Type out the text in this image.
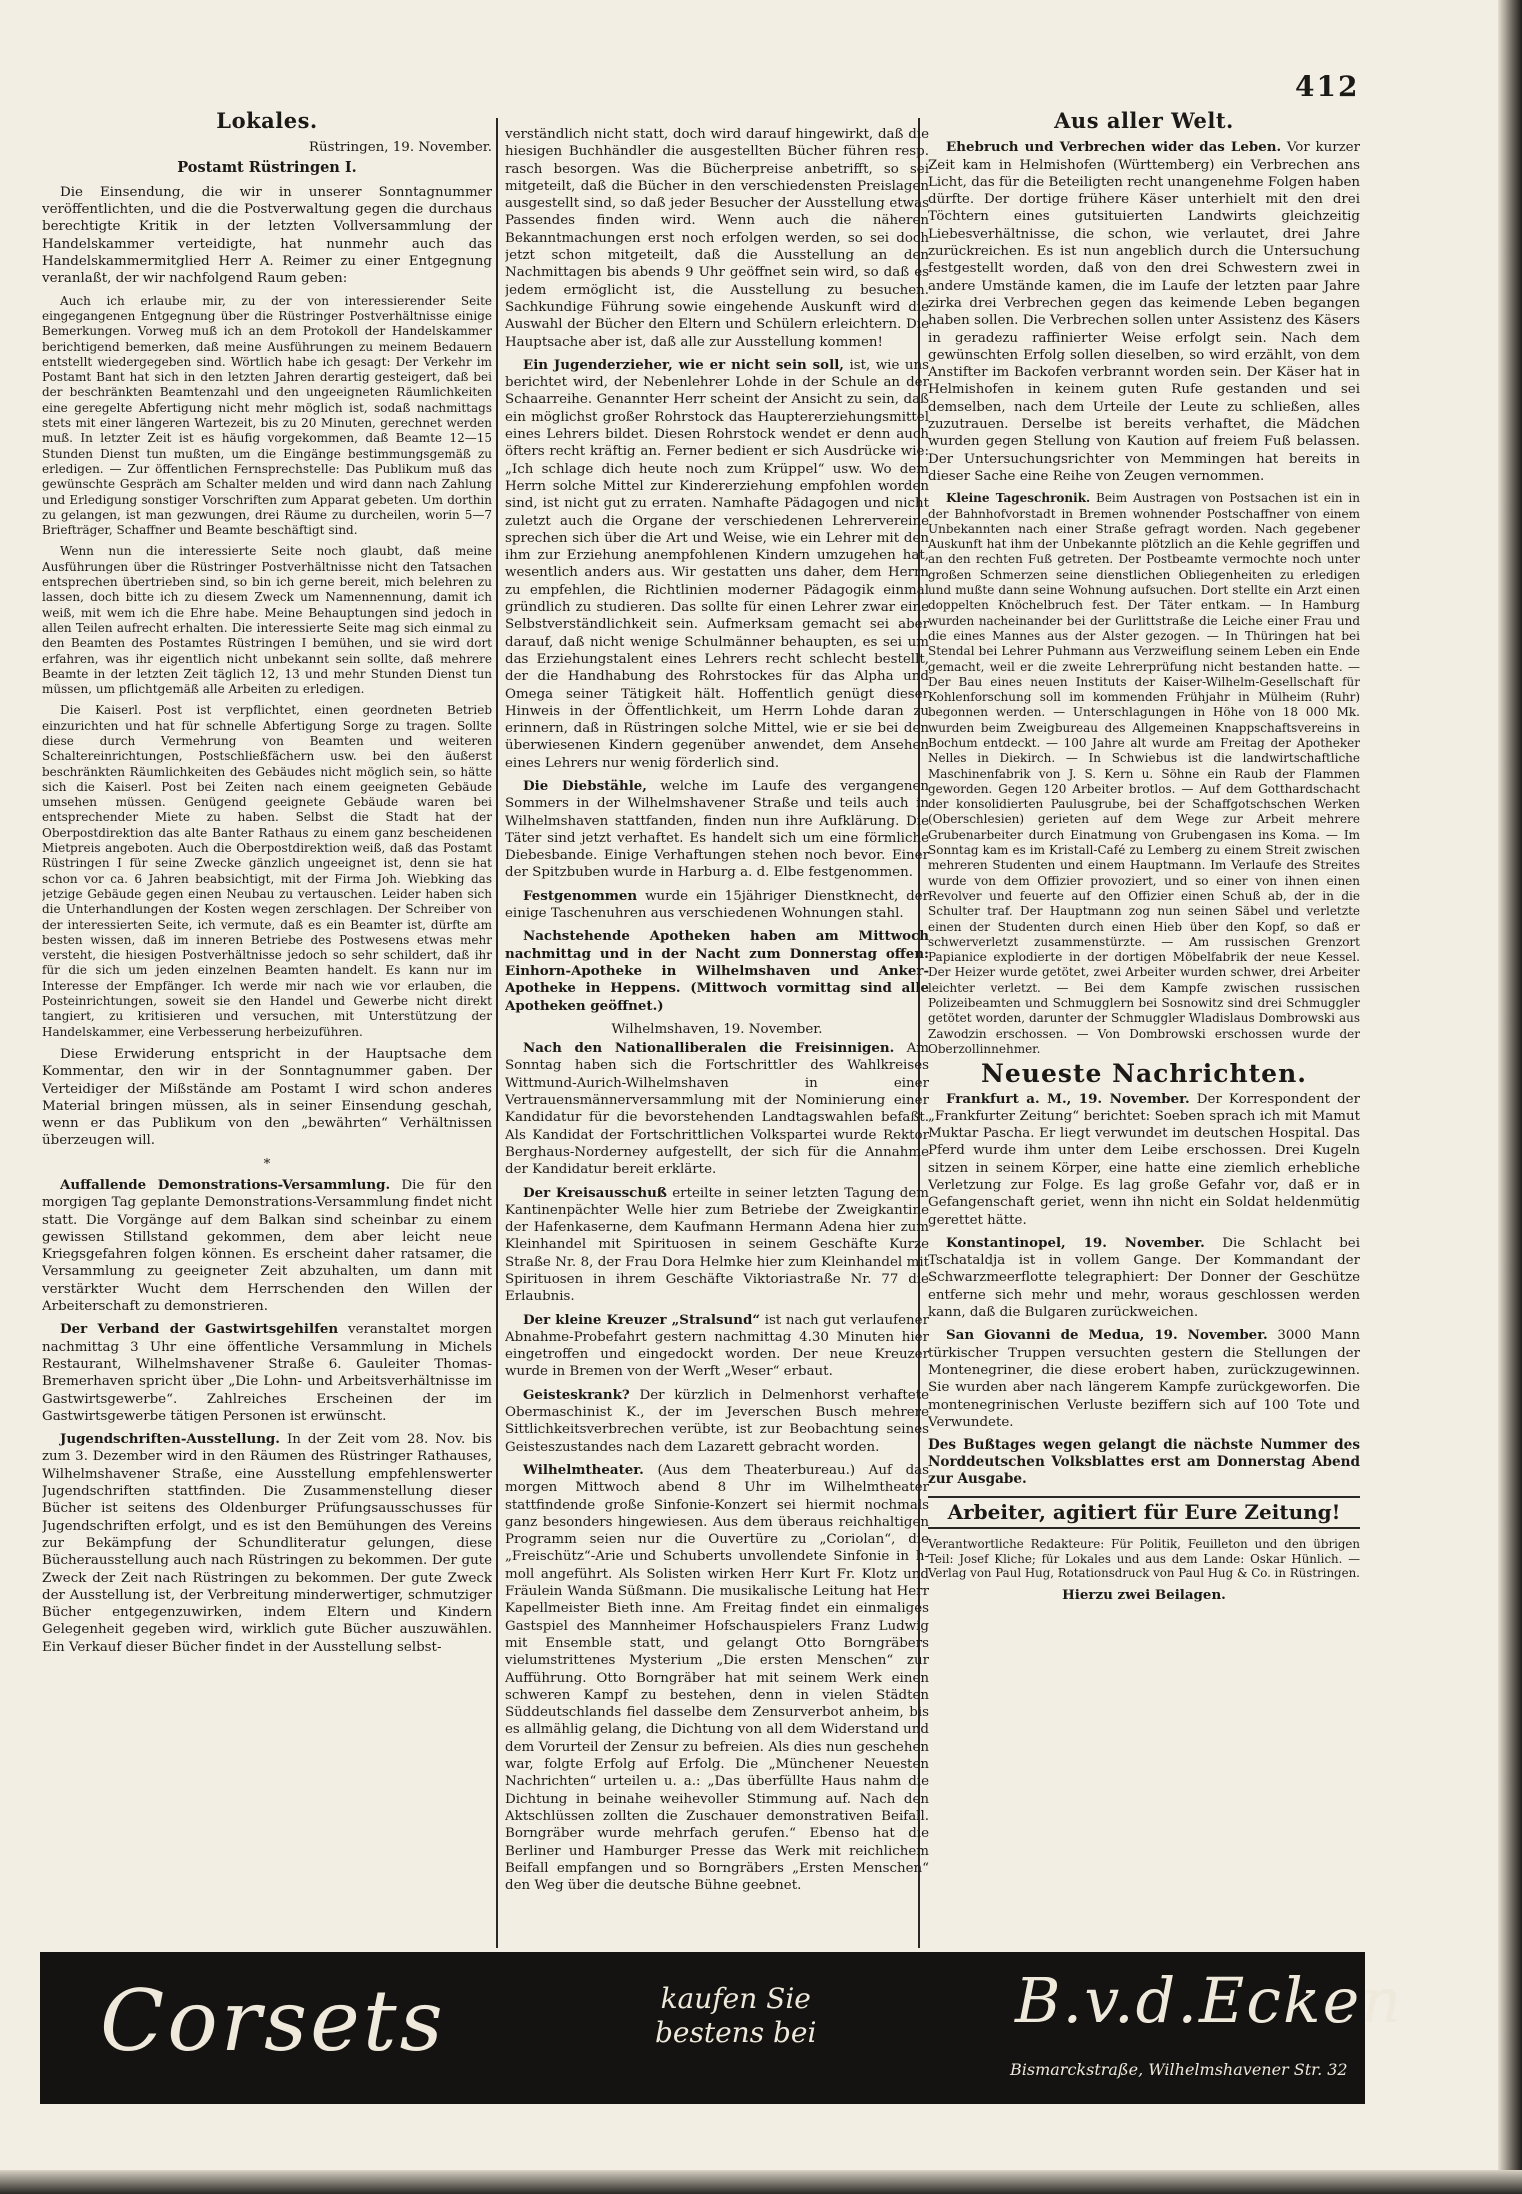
412
Lokales.
Rüstringen, 19. November.
Postamt Rüstringen I.

Die Einsendung, die wir in unserer Sonntagnummer veröffentlichten, und die die Postverwaltung gegen die durchaus berechtigte Kritik in der letzten Vollversammlung der Handelskammer verteidigte, hat nunmehr auch das Handelskammermitglied Herr A. Reimer zu einer Entgegnung veranlaßt, der wir nachfolgend Raum geben:

Auch ich erlaube mir, zu der von interessierender Seite eingegangenen Entgegnung über die Rüstringer Postverhältnisse einige Bemerkungen. Vorweg muß ich an dem Protokoll der Handelskammer berichtigend bemerken, daß meine Ausführungen zu meinem Bedauern entstellt wiedergegeben sind. Wörtlich habe ich gesagt: Der Verkehr im Postamt Bant hat sich in den letzten Jahren derartig gesteigert, daß bei der beschränkten Beamtenzahl und den ungeeigneten Räumlichkeiten eine geregelte Abfertigung nicht mehr möglich ist, sodaß nachmittags stets mit einer längeren Wartezeit, bis zu 20 Minuten, gerechnet werden muß. In letzter Zeit ist es häufig vorgekommen, daß Beamte 12—15 Stunden Dienst tun mußten, um die Eingänge bestimmungsgemäß zu erledigen. — Zur öffentlichen Fernsprechstelle: Das Publikum muß das gewünschte Gespräch am Schalter melden und wird dann nach Zahlung und Erledigung sonstiger Vorschriften zum Apparat gebeten. Um dorthin zu gelangen, ist man gezwungen, drei Räume zu durcheilen, worin 5—7 Briefträger, Schaffner und Beamte beschäftigt sind.

Wenn nun die interessierte Seite noch glaubt, daß meine Ausführungen über die Rüstringer Postverhältnisse nicht den Tatsachen entsprechen übertrieben sind, so bin ich gerne bereit, mich belehren zu lassen, doch bitte ich zu diesem Zweck um Namennennung, damit ich weiß, mit wem ich die Ehre habe. Meine Behauptungen sind jedoch in allen Teilen aufrecht erhalten. Die interessierte Seite mag sich einmal zu den Beamten des Postamtes Rüstringen I bemühen, und sie wird dort erfahren, was ihr eigentlich nicht unbekannt sein sollte, daß mehrere Beamte in der letzten Zeit täglich 12, 13 und mehr Stunden Dienst tun müssen, um pflichtgemäß alle Arbeiten zu erledigen.

Die Kaiserl. Post ist verpflichtet, einen geordneten Betrieb einzurichten und hat für schnelle Abfertigung Sorge zu tragen. Sollte diese durch Vermehrung von Beamten und weiteren Schaltereinrichtungen, Postschließfächern usw. bei den äußerst beschränkten Räumlichkeiten des Gebäudes nicht möglich sein, so hätte sich die Kaiserl. Post bei Zeiten nach einem geeigneten Gebäude umsehen müssen. Genügend geeignete Gebäude waren bei entsprechender Miete zu haben. Selbst die Stadt hat der Oberpostdirektion das alte Banter Rathaus zu einem ganz bescheidenen Mietpreis angeboten. Auch die Oberpostdirektion weiß, daß das Postamt Rüstringen I für seine Zwecke gänzlich ungeeignet ist, denn sie hat schon vor ca. 6 Jahren beabsichtigt, mit der Firma Joh. Wiebking das jetzige Gebäude gegen einen Neubau zu vertauschen. Leider haben sich die Unterhandlungen der Kosten wegen zerschlagen. Der Schreiber von der interessierten Seite, ich vermute, daß es ein Beamter ist, dürfte am besten wissen, daß im inneren Betriebe des Postwesens etwas mehr versteht, die hiesigen Postverhältnisse jedoch so sehr schildert, daß ihr für die sich um jeden einzelnen Beamten handelt. Es kann nur im Interesse der Empfänger. Ich werde mir nach wie vor erlauben, die Posteinrichtungen, soweit sie den Handel und Gewerbe nicht direkt tangiert, zu kritisieren und versuchen, mit Unterstützung der Handelskammer, eine Verbesserung herbeizuführen.

Diese Erwiderung entspricht in der Hauptsache dem Kommentar, den wir in der Sonntagnummer gaben. Der Verteidiger der Mißstände am Postamt I wird schon anderes Material bringen müssen, als in seiner Einsendung geschah, wenn er das Publikum von den „bewährten“ Verhältnissen überzeugen will.

*

Auffallende Demonstrations-Versammlung. Die für den morgigen Tag geplante Demonstrations-Versammlung findet nicht statt. Die Vorgänge auf dem Balkan sind scheinbar zu einem gewissen Stillstand gekommen, dem aber leicht neue Kriegsgefahren folgen können. Es erscheint daher ratsamer, die Versammlung zu geeigneter Zeit abzuhalten, um dann mit verstärkter Wucht dem Herrschenden den Willen der Arbeiterschaft zu demonstrieren.

Der Verband der Gastwirtsgehilfen veranstaltet morgen nachmittag 3 Uhr eine öffentliche Versammlung in Michels Restaurant, Wilhelmshavener Straße 6. Gauleiter Thomas-Bremerhaven spricht über „Die Lohn- und Arbeitsverhältnisse im Gastwirtsgewerbe“. Zahlreiches Erscheinen der im Gastwirtsgewerbe tätigen Personen ist erwünscht.

Jugendschriften-Ausstellung. In der Zeit vom 28. Nov. bis zum 3. Dezember wird in den Räumen des Rüstringer Rathauses, Wilhelmshavener Straße, eine Ausstellung empfehlenswerter Jugendschriften stattfinden. Die Zusammenstellung dieser Bücher ist seitens des Oldenburger Prüfungsausschusses für Jugendschriften erfolgt, und es ist den Bemühungen des Vereins zur Bekämpfung der Schundliteratur gelungen, diese Bücherausstellung auch nach Rüstringen zu bekommen. Der gute Zweck der Zeit nach Rüstringen zu bekommen. Der gute Zweck der Ausstellung ist, der Verbreitung minderwertiger, schmutziger Bücher entgegenzuwirken, indem Eltern und Kindern Gelegenheit gegeben wird, wirklich gute Bücher auszuwählen. Ein Verkauf dieser Bücher findet in der Ausstellung selbst-

verständlich nicht statt, doch wird darauf hingewirkt, daß die hiesigen Buchhändler die ausgestellten Bücher führen resp. rasch besorgen. Was die Bücherpreise anbetrifft, so sei mitgeteilt, daß die Bücher in den verschiedensten Preislagen ausgestellt sind, so daß jeder Besucher der Ausstellung etwas Passendes finden wird. Wenn auch die näheren Bekanntmachungen erst noch erfolgen werden, so sei doch jetzt schon mitgeteilt, daß die Ausstellung an den Nachmittagen bis abends 9 Uhr geöffnet sein wird, so daß es jedem ermöglicht ist, die Ausstellung zu besuchen. Sachkundige Führung sowie eingehende Auskunft wird die Auswahl der Bücher den Eltern und Schülern erleichtern. Die Hauptsache aber ist, daß alle zur Ausstellung kommen!

Ein Jugenderzieher, wie er nicht sein soll, ist, wie uns berichtet wird, der Nebenlehrer Lohde in der Schule an der Schaarreihe. Genannter Herr scheint der Ansicht zu sein, daß ein möglichst großer Rohrstock das Hauptererziehungsmittel eines Lehrers bildet. Diesen Rohrstock wendet er denn auch öfters recht kräftig an. Ferner bedient er sich Ausdrücke wie: „Ich schlage dich heute noch zum Krüppel“ usw. Wo dem Herrn solche Mittel zur Kindererziehung empfohlen worden sind, ist nicht gut zu erraten. Namhafte Pädagogen und nicht zuletzt auch die Organe der verschiedenen Lehrervereine sprechen sich über die Art und Weise, wie ein Lehrer mit den ihm zur Erziehung anempfohlenen Kindern umzugehen hat, wesentlich anders aus. Wir gestatten uns daher, dem Herrn zu empfehlen, die Richtlinien moderner Pädagogik einmal gründlich zu studieren. Das sollte für einen Lehrer zwar eine Selbstverständlichkeit sein. Aufmerksam gemacht sei aber darauf, daß nicht wenige Schulmänner behaupten, es sei um das Erziehungstalent eines Lehrers recht schlecht bestellt, der die Handhabung des Rohrstockes für das Alpha und Omega seiner Tätigkeit hält. Hoffentlich genügt dieser Hinweis in der Öffentlichkeit, um Herrn Lohde daran zu erinnern, daß in Rüstringen solche Mittel, wie er sie bei den überwiesenen Kindern gegenüber anwendet, dem Ansehen eines Lehrers nur wenig förderlich sind.

Die Diebstähle, welche im Laufe des vergangenen Sommers in der Wilhelmshavener Straße und teils auch in Wilhelmshaven stattfanden, finden nun ihre Aufklärung. Die Täter sind jetzt verhaftet. Es handelt sich um eine förmliche Diebesbande. Einige Verhaftungen stehen noch bevor. Einer der Spitzbuben wurde in Harburg a. d. Elbe festgenommen.

Festgenommen wurde ein 15jähriger Dienstknecht, der einige Taschenuhren aus verschiedenen Wohnungen stahl.

Nachstehende Apotheken haben am Mittwoch nachmittag und in der Nacht zum Donnerstag offen: Einhorn-Apotheke in Wilhelmshaven und Anker-Apotheke in Heppens. (Mittwoch vormittag sind alle Apotheken geöffnet.)

Wilhelmshaven, 19. November.

Nach den Nationalliberalen die Freisinnigen. Am Sonntag haben sich die Fortschrittler des Wahlkreises Wittmund-Aurich-Wilhelmshaven in einer Vertrauensmännerversammlung mit der Nominierung einer Kandidatur für die bevorstehenden Landtagswahlen befaßt. Als Kandidat der Fortschrittlichen Volkspartei wurde Rektor Berghaus-Norderney aufgestellt, der sich für die Annahme der Kandidatur bereit erklärte.

Der Kreisausschuß erteilte in seiner letzten Tagung dem Kantinenpächter Welle hier zum Betriebe der Zweigkantine der Hafenkaserne, dem Kaufmann Hermann Adena hier zum Kleinhandel mit Spirituosen in seinem Geschäfte Kurze Straße Nr. 8, der Frau Dora Helmke hier zum Kleinhandel mit Spirituosen in ihrem Geschäfte Viktoriastraße Nr. 77 die Erlaubnis.

Der kleine Kreuzer „Stralsund“ ist nach gut verlaufener Abnahme-Probefahrt gestern nachmittag 4.30 Minuten hier eingetroffen und eingedockt worden. Der neue Kreuzer wurde in Bremen von der Werft „Weser“ erbaut.

Geisteskrank? Der kürzlich in Delmenhorst verhaftete Obermaschinist K., der im Jeverschen Busch mehrere Sittlichkeitsverbrechen verübte, ist zur Beobachtung seines Geisteszustandes nach dem Lazarett gebracht worden.

Wilhelmtheater. (Aus dem Theaterbureau.) Auf das morgen Mittwoch abend 8 Uhr im Wilhelmtheater stattfindende große Sinfonie-Konzert sei hiermit nochmals ganz besonders hingewiesen. Aus dem überaus reichhaltigen Programm seien nur die Ouvertüre zu „Coriolan“, die „Freischütz“-Arie und Schuberts unvollendete Sinfonie in h-moll angeführt. Als Solisten wirken Herr Kurt Fr. Klotz und Fräulein Wanda Süßmann. Die musikalische Leitung hat Herr Kapellmeister Bieth inne. Am Freitag findet ein einmaliges Gastspiel des Mannheimer Hofschauspielers Franz Ludwig mit Ensemble statt, und gelangt Otto Borngräbers vielumstrittenes Mysterium „Die ersten Menschen“ zur Aufführung. Otto Borngräber hat mit seinem Werk einen schweren Kampf zu bestehen, denn in vielen Städten Süddeutschlands fiel dasselbe dem Zensurverbot anheim, bis es allmählig gelang, die Dichtung von all dem Widerstand und dem Vorurteil der Zensur zu befreien. Als dies nun geschehen war, folgte Erfolg auf Erfolg. Die „Münchener Neuesten Nachrichten“ urteilen u. a.: „Das überfüllte Haus nahm die Dichtung in beinahe weihevoller Stimmung auf. Nach den Aktschlüssen zollten die Zuschauer demonstrativen Beifall. Borngräber wurde mehrfach gerufen.“ Ebenso hat die Berliner und Hamburger Presse das Werk mit reichlichem Beifall empfangen und so Borngräbers „Ersten Menschen“ den Weg über die deutsche Bühne geebnet.

Aus aller Welt.

Ehebruch und Verbrechen wider das Leben. Vor kurzer Zeit kam in Helmishofen (Württemberg) ein Verbrechen ans Licht, das für die Beteiligten recht unangenehme Folgen haben dürfte. Der dortige frühere Käser unterhielt mit den drei Töchtern eines gutsituierten Landwirts gleichzeitig Liebesverhältnisse, die schon, wie verlautet, drei Jahre zurückreichen. Es ist nun angeblich durch die Untersuchung festgestellt worden, daß von den drei Schwestern zwei in andere Umstände kamen, die im Laufe der letzten paar Jahre zirka drei Verbrechen gegen das keimende Leben begangen haben sollen. Die Verbrechen sollen unter Assistenz des Käsers in geradezu raffinierter Weise erfolgt sein. Nach dem gewünschten Erfolg sollen dieselben, so wird erzählt, von dem Anstifter im Backofen verbrannt worden sein. Der Käser hat in Helmishofen in keinem guten Rufe gestanden und sei demselben, nach dem Urteile der Leute zu schließen, alles zuzutrauen. Derselbe ist bereits verhaftet, die Mädchen wurden gegen Stellung von Kaution auf freiem Fuß belassen. Der Untersuchungsrichter von Memmingen hat bereits in dieser Sache eine Reihe von Zeugen vernommen.

Kleine Tageschronik. Beim Austragen von Postsachen ist ein in der Bahnhofvorstadt in Bremen wohnender Postschaffner von einem Unbekannten nach einer Straße gefragt worden. Nach gegebener Auskunft hat ihm der Unbekannte plötzlich an die Kehle gegriffen und an den rechten Fuß getreten. Der Postbeamte vermochte noch unter großen Schmerzen seine dienstlichen Obliegenheiten zu erledigen und mußte dann seine Wohnung aufsuchen. Dort stellte ein Arzt einen doppelten Knöchelbruch fest. Der Täter entkam. — In Hamburg wurden nacheinander bei der Gurlittstraße die Leiche einer Frau und die eines Mannes aus der Alster gezogen. — In Thüringen hat bei Stendal bei Lehrer Puhmann aus Verzweiflung seinem Leben ein Ende gemacht, weil er die zweite Lehrerprüfung nicht bestanden hatte. — Der Bau eines neuen Instituts der Kaiser-Wilhelm-Gesellschaft für Kohlenforschung soll im kommenden Frühjahr in Mülheim (Ruhr) begonnen werden. — Unterschlagungen in Höhe von 18 000 Mk. wurden beim Zweigbureau des Allgemeinen Knappschaftsvereins in Bochum entdeckt. — 100 Jahre alt wurde am Freitag der Apotheker Nelles in Diekirch. — In Schwiebus ist die landwirtschaftliche Maschinenfabrik von J. S. Kern u. Söhne ein Raub der Flammen geworden. Gegen 120 Arbeiter brotlos. — Auf dem Gotthardschacht der konsolidierten Paulusgrube, bei der Schaffgotschschen Werken (Oberschlesien) gerieten auf dem Wege zur Arbeit mehrere Grubenarbeiter durch Einatmung von Grubengasen ins Koma. — Im Sonntag kam es im Kristall-Café zu Lemberg zu einem Streit zwischen mehreren Studenten und einem Hauptmann. Im Verlaufe des Streites wurde von dem Offizier provoziert, und so einer von ihnen einen Revolver und feuerte auf den Offizier einen Schuß ab, der in die Schulter traf. Der Hauptmann zog nun seinen Säbel und verletzte einen der Studenten durch einen Hieb über den Kopf, so daß er schwerverletzt zusammenstürzte. — Am russischen Grenzort Papianice explodierte in der dortigen Möbelfabrik der neue Kessel. Der Heizer wurde getötet, zwei Arbeiter wurden schwer, drei Arbeiter leichter verletzt. — Bei dem Kampfe zwischen russischen Polizeibeamten und Schmugglern bei Sosnowitz sind drei Schmuggler getötet worden, darunter der Schmuggler Wladislaus Dombrowski aus Zawodzin erschossen. — Von Dombrowski erschossen wurde der Oberzollinnehmer.

Neueste Nachrichten.

Frankfurt a. M., 19. November. Der Korrespondent der „Frankfurter Zeitung“ berichtet: Soeben sprach ich mit Mamut Muktar Pascha. Er liegt verwundet im deutschen Hospital. Das Pferd wurde ihm unter dem Leibe erschossen. Drei Kugeln sitzen in seinem Körper, eine hatte eine ziemlich erhebliche Verletzung zur Folge. Es lag große Gefahr vor, daß er in Gefangenschaft geriet, wenn ihn nicht ein Soldat heldenmütig gerettet hätte.

Konstantinopel, 19. November. Die Schlacht bei Tschataldja ist in vollem Gange. Der Kommandant der Schwarzmeerflotte telegraphiert: Der Donner der Geschütze entferne sich mehr und mehr, woraus geschlossen werden kann, daß die Bulgaren zurückweichen.

San Giovanni de Medua, 19. November. 3000 Mann türkischer Truppen versuchten gestern die Stellungen der Montenegriner, die diese erobert haben, zurückzugewinnen. Sie wurden aber nach längerem Kampfe zurückgeworfen. Die montenegrinischen Verluste beziffern sich auf 100 Tote und Verwundete.

Des Bußtages wegen gelangt die nächste Nummer des Norddeutschen Volksblattes erst am Donnerstag Abend zur Ausgabe.
Arbeiter, agitiert für Eure Zeitung!

Verantwortliche Redakteure: Für Politik, Feuilleton und den übrigen Teil: Josef Kliche; für Lokales und aus dem Lande: Oskar Hünlich. — Verlag von Paul Hug, Rotationsdruck von Paul Hug & Co. in Rüstringen.

Hierzu zwei Beilagen.
Corsets	kaufen Sie
bestens bei	B.v.d.Ecken
Bismarckstraße, Wilhelmshavener Str. 32
